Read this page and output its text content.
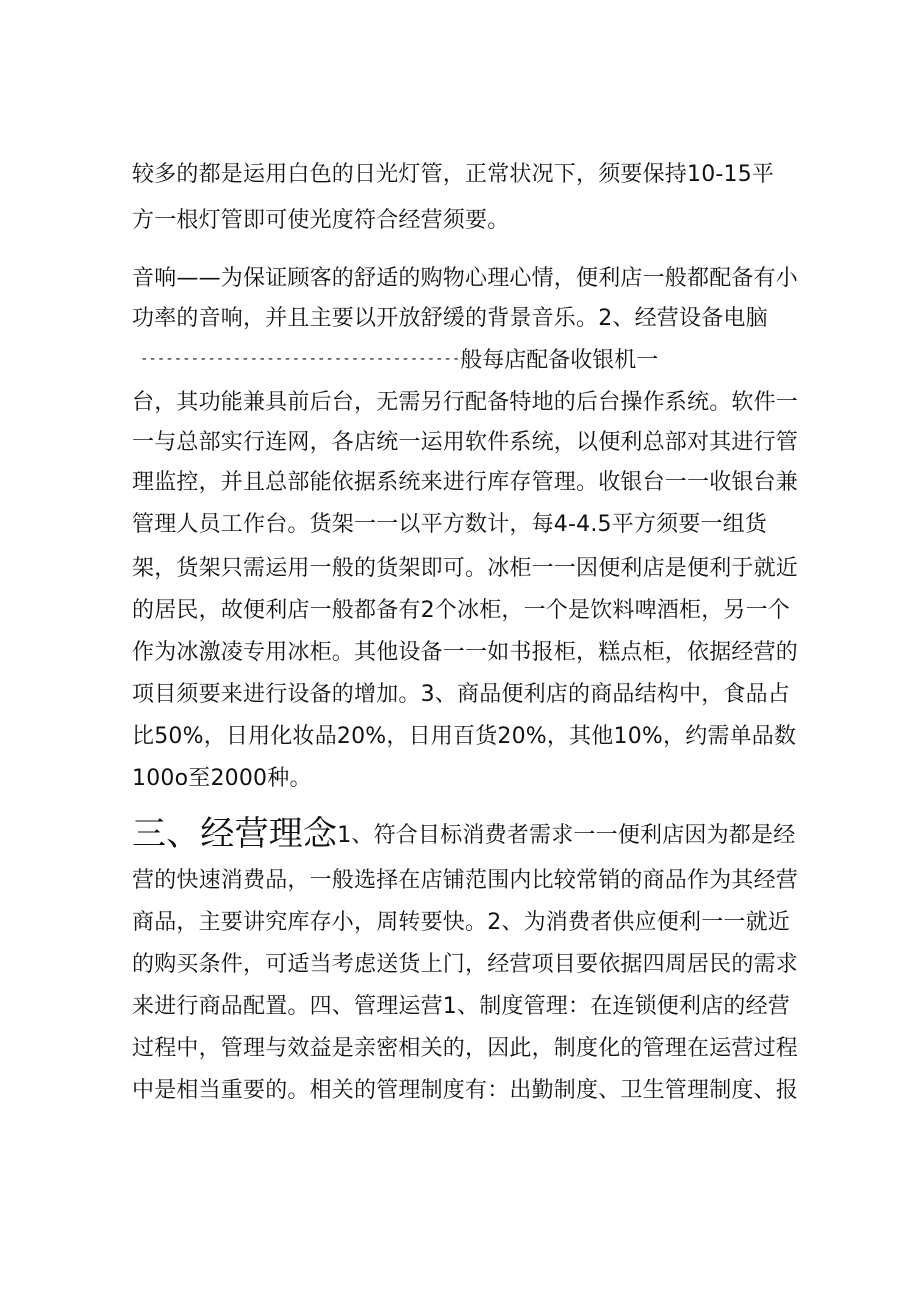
较多的都是运用白色的日光灯管，正常状况下，须要保持10-15平
方一根灯管即可使光度符合经营须要。
音响——为保证顾客的舒适的购物心理心情，便利店一般都配备有小
功率的音响，并且主要以开放舒缓的背景音乐。2、经营设备电脑
--------------------------------------般每店配备收银机一
台，其功能兼具前后台，无需另行配备特地的后台操作系统。软件一
一与总部实行连网，各店统一运用软件系统，以便利总部对其进行管
理监控，并且总部能依据系统来进行库存管理。收银台一一收银台兼
管理人员工作台。货架一一以平方数计，每4-4.5平方须要一组货
架，货架只需运用一般的货架即可。冰柜一一因便利店是便利于就近
的居民，故便利店一般都备有2个冰柜，一个是饮料啤酒柜，另一个
作为冰激凌专用冰柜。其他设备一一如书报柜，糕点柜，依据经营的
项目须要来进行设备的增加。3、商品便利店的商品结构中，食品占
比50%，日用化妆品20%，日用百货20%，其他10%，约需单品数
100o至2000种。
三、经营理念1、符合目标消费者需求一一便利店因为都是经
营的快速消费品，一般选择在店铺范围内比较常销的商品作为其经营
商品，主要讲究库存小，周转要快。2、为消费者供应便利一一就近
的购买条件，可适当考虑送货上门，经营项目要依据四周居民的需求
来进行商品配置。四、管理运营1、制度管理：在连锁便利店的经营
过程中，管理与效益是亲密相关的，因此，制度化的管理在运营过程
中是相当重要的。相关的管理制度有：出勤制度、卫生管理制度、报
